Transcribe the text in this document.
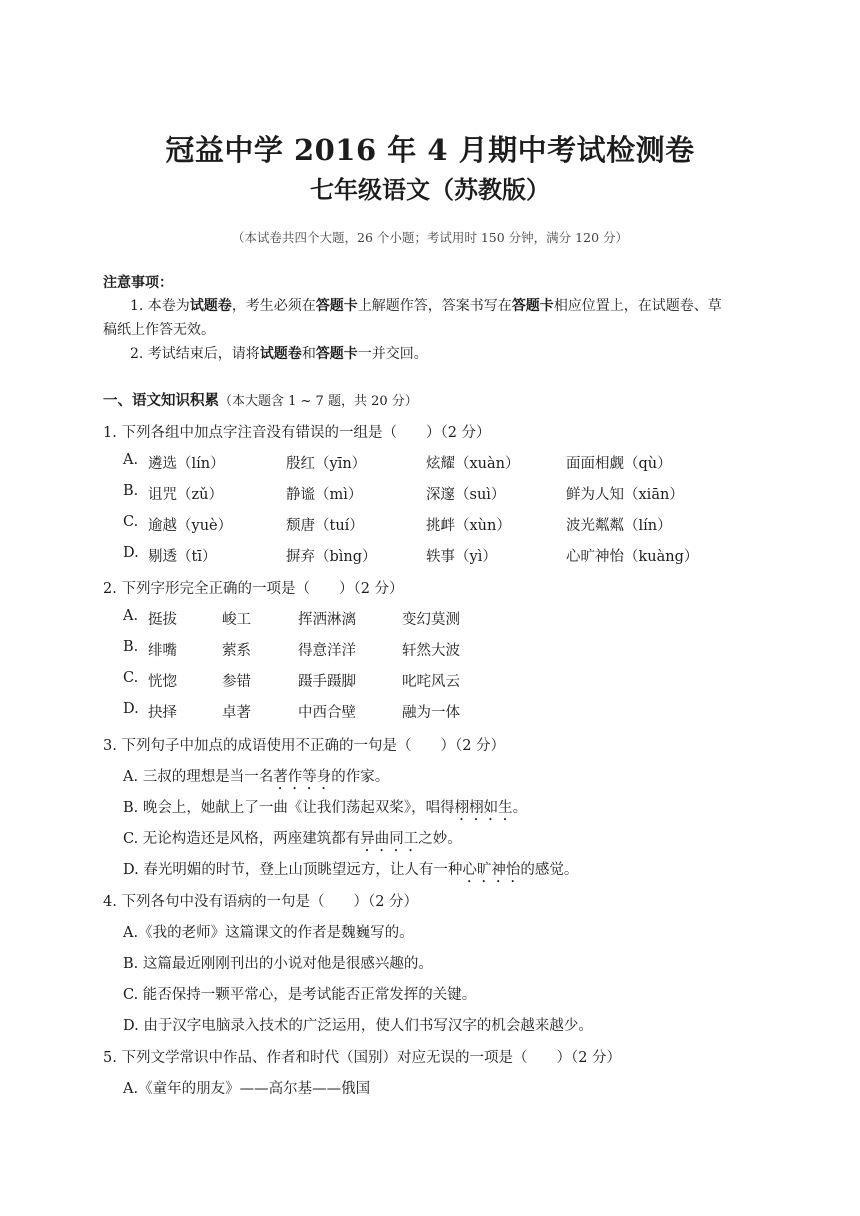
冠益中学 2016 年 4 月期中考试检测卷
七年级语文（苏教版）
（本试卷共四个大题，26 个小题；考试用时 150 分钟，满分 120 分）
注意事项：
1. 本卷为试题卷，考生必须在答题卡上解题作答，答案书写在答题卡相应位置上，在试题卷、草
稿纸上作答无效。
2. 考试结束后，请将试题卷和答题卡一并交回。
一、语文知识积累（本大题含 1 ~ 7 题，共 20 分）
1. 下列各组中加点字注音没有错误的一组是（　　）（2 分）
A. 遴选（lín）	殷红（yīn）	炫耀（xuàn）	面面相觑（qù）
B. 诅咒（zǔ）	静谧（mì）	深邃（suì）	鲜为人知（xiān）
C. 逾越（yuè）	颓唐（tuí）	挑衅（xùn）	波光粼粼（lín）
D. 剔透（tī）	摒弃（bìng）	轶事（yì）	心旷神怡（kuàng）
2. 下列字形完全正确的一项是（　　）（2 分）
A. 挺拔	峻工	挥洒淋漓	变幻莫测
B. 绯嘴	萦系	得意洋洋	轩然大波
C. 恍惚	参错	蹑手蹑脚	叱咤风云
D. 抉择	卓著	中西合壁	融为一体
3. 下列句子中加点的成语使用不正确的一句是（　　）（2 分）
A. 三叔的理想是当一名著作等身的作家。
B. 晚会上，她献上了一曲《让我们荡起双桨》，唱得栩栩如生。
C. 无论构造还是风格，两座建筑都有异曲同工之妙。
D. 春光明媚的时节，登上山顶眺望远方，让人有一种心旷神怡的感觉。
4. 下列各句中没有语病的一句是（　　）（2 分）
A.《我的老师》这篇课文的作者是魏巍写的。
B. 这篇最近刚刚刊出的小说对他是很感兴趣的。
C. 能否保持一颗平常心，是考试能否正常发挥的关键。
D. 由于汉字电脑录入技术的广泛运用，使人们书写汉字的机会越来越少。
5. 下列文学常识中作品、作者和时代（国别）对应无误的一项是（　　）（2 分）
A.《童年的朋友》——高尔基——俄国
